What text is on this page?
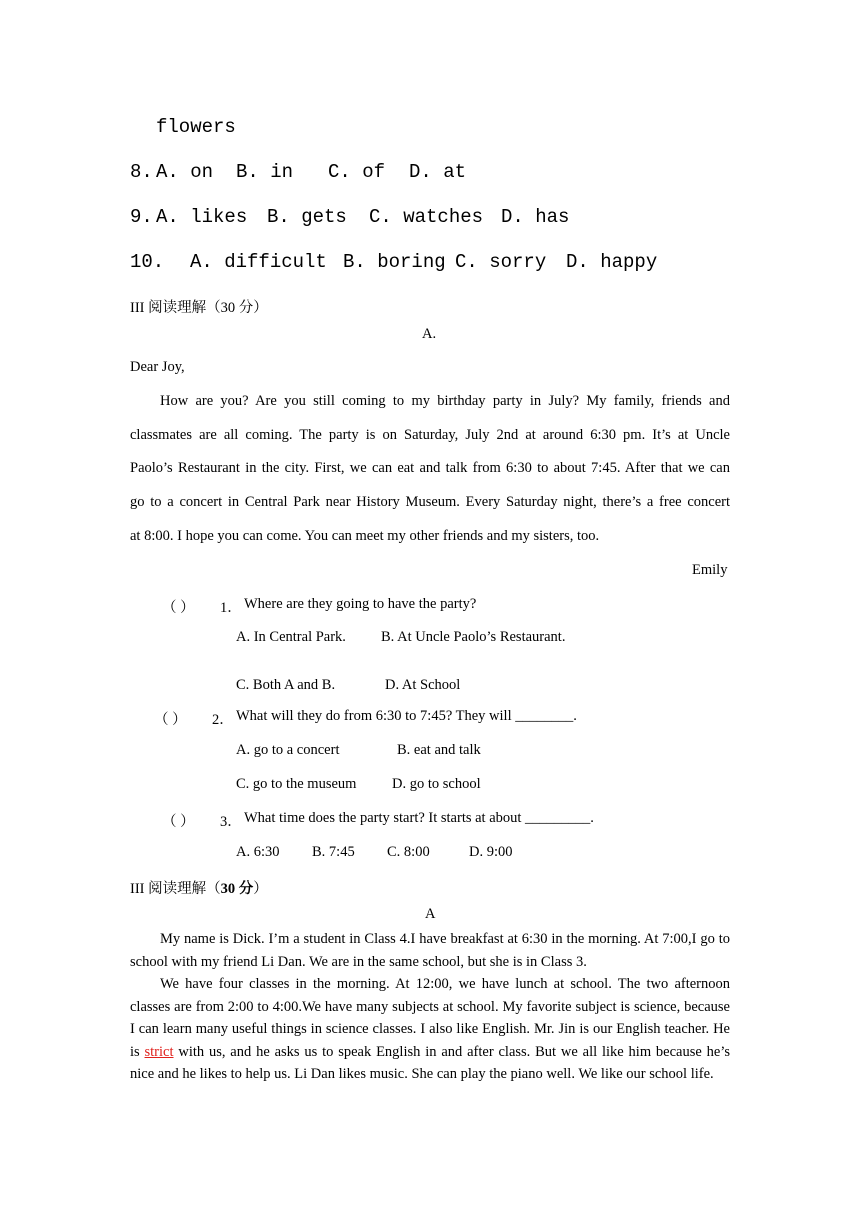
flowers
8. A. on B. in C. of D. at
9. A. likes B. gets C. watches D. has
10. A. difficult B. boring C. sorry D. happy
III 阅读理解（30 分）
A.
Dear Joy,
How are you? Are you still coming to my birthday party in July? My family, friends and
classmates are all coming. The party is on Saturday, July 2nd at around 6:30 pm. It’s at Uncle
Paolo’s Restaurant in the city. First, we can eat and talk from 6:30 to about 7:45. After that we can
go to a concert in Central Park near History Museum. Every Saturday night, there’s a free concert
at 8:00. I hope you can come. You can meet my other friends and my sisters, too.
Emily
（ ） 1． Where are they going to have the party?
A. In Central Park. B. At Uncle Paolo’s Restaurant.
C. Both A and B.	D. At School
（ ） 2． What will they do from 6:30 to 7:45? They will ________.
A. go to a concert	B. eat and talk
C. go to the museum D. go to school
（ ） 3． What time does the party start? It starts at about _________.
A. 6:30 B. 7:45 C. 8:00	D. 9:00
III 阅读理解（30 分）
A
My name is Dick. I’m a student in Class 4.I have breakfast at 6:30 in the morning. At 7:00,I go to school with my friend Li Dan. We are in the same school, but she is in Class 3.
We have four classes in the morning. At 12:00, we have lunch at school. The two afternoon classes are from 2:00 to 4:00.We have many subjects at school. My favorite subject is science, because I can learn many useful things in science classes. I also like English. Mr. Jin is our English teacher. He is strict with us, and he asks us to speak English in and after class. But we all like him because he’s nice and he likes to help us. Li Dan likes music. She can play the piano well. We like our school life.
